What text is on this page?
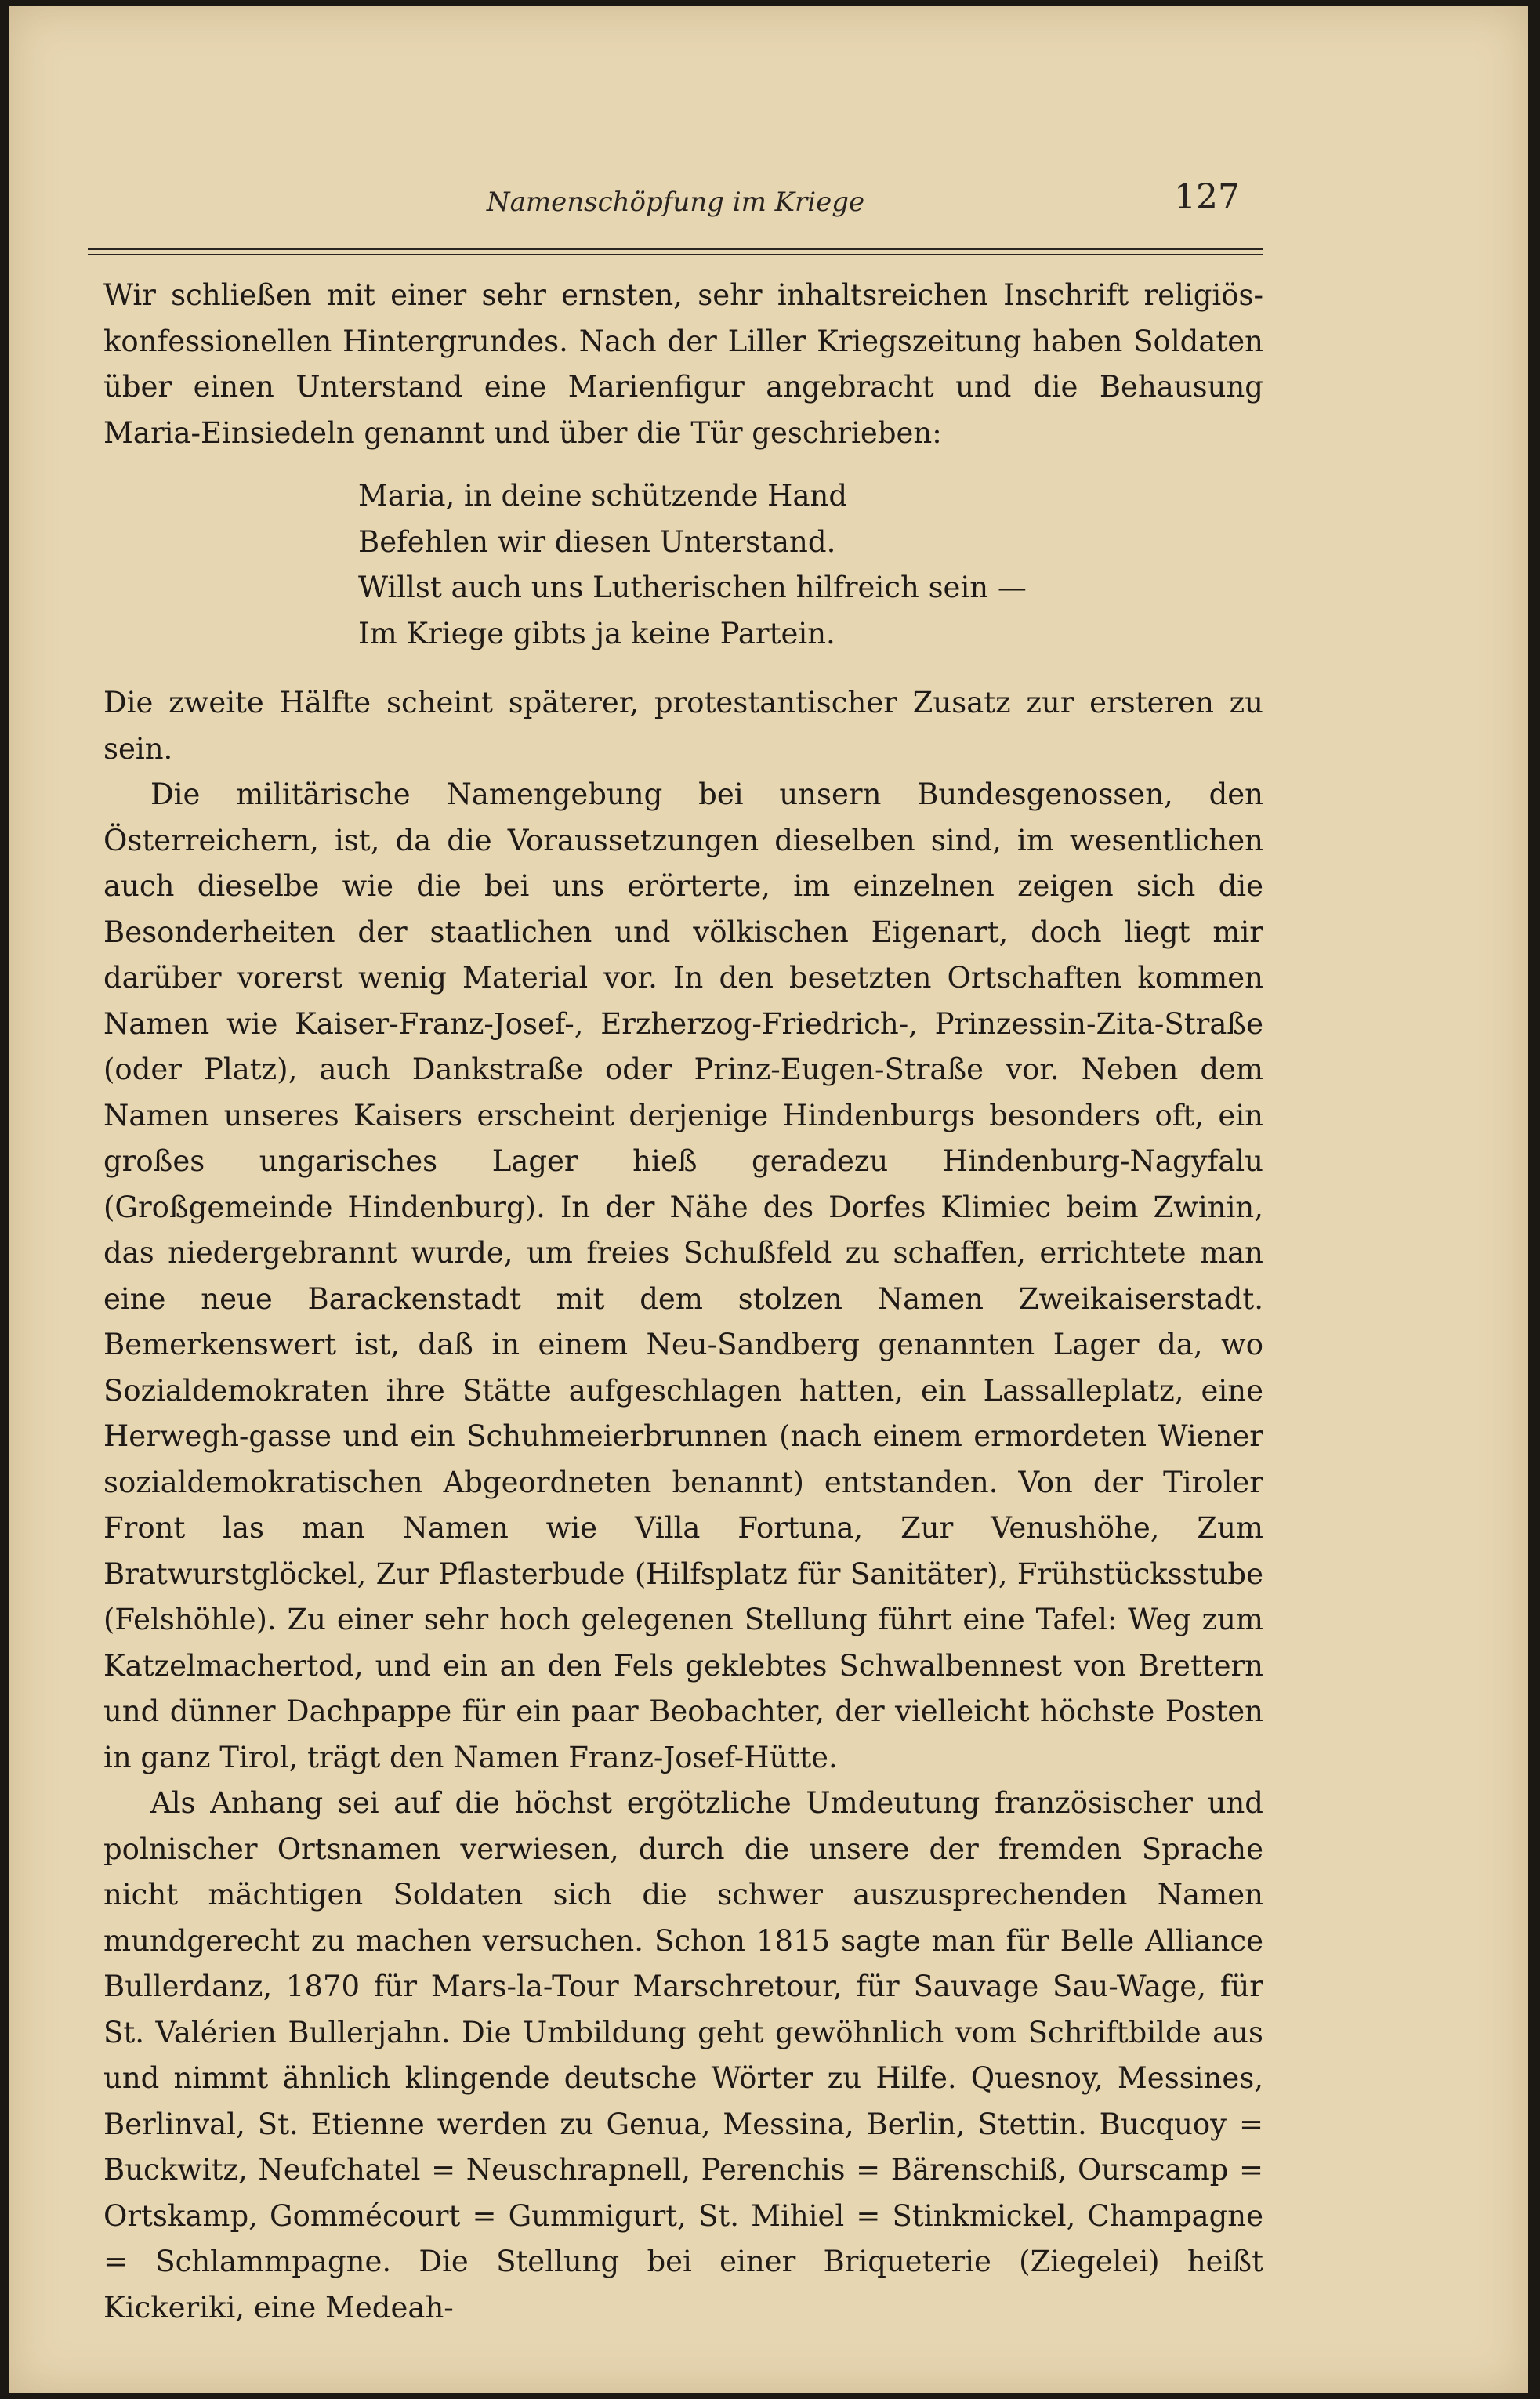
Namenschöpfung im Kriege	127

Wir schließen mit einer sehr ernsten, sehr inhaltsreichen Inschrift religiös-konfessionellen Hintergrundes. Nach der Liller Kriegszeitung haben Soldaten über einen Unterstand eine Marienfigur angebracht und die Behausung Maria-Einsiedeln genannt und über die Tür geschrieben:

Maria, in deine schützende Hand
Befehlen wir diesen Unterstand.
Willst auch uns Lutherischen hilfreich sein —
Im Kriege gibts ja keine Partein.

Die zweite Hälfte scheint späterer, protestantischer Zusatz zur ersteren zu sein.

Die militärische Namengebung bei unsern Bundesgenossen, den Österreichern, ist, da die Voraussetzungen dieselben sind, im wesentlichen auch dieselbe wie die bei uns erörterte, im einzelnen zeigen sich die Besonderheiten der staatlichen und völkischen Eigenart, doch liegt mir darüber vorerst wenig Material vor. In den besetzten Ortschaften kommen Namen wie Kaiser-Franz-Josef-, Erzherzog-Friedrich-, Prinzessin-Zita-Straße (oder Platz), auch Dankstraße oder Prinz-Eugen-Straße vor. Neben dem Namen unseres Kaisers erscheint derjenige Hindenburgs besonders oft, ein großes ungarisches Lager hieß geradezu Hindenburg-Nagyfalu (Großgemeinde Hindenburg). In der Nähe des Dorfes Klimiec beim Zwinin, das niedergebrannt wurde, um freies Schußfeld zu schaffen, errichtete man eine neue Barackenstadt mit dem stolzen Namen Zweikaiserstadt. Bemerkenswert ist, daß in einem Neu-Sandberg genannten Lager da, wo Sozialdemokraten ihre Stätte aufgeschlagen hatten, ein Lassalleplatz, eine Herwegh-gasse und ein Schuhmeierbrunnen (nach einem ermordeten Wiener sozialdemokratischen Abgeordneten benannt) entstanden. Von der Tiroler Front las man Namen wie Villa Fortuna, Zur Venushöhe, Zum Bratwurstglöckel, Zur Pflasterbude (Hilfsplatz für Sanitäter), Frühstücksstube (Felshöhle). Zu einer sehr hoch gelegenen Stellung führt eine Tafel: Weg zum Katzelmachertod, und ein an den Fels geklebtes Schwalbennest von Brettern und dünner Dachpappe für ein paar Beobachter, der vielleicht höchste Posten in ganz Tirol, trägt den Namen Franz-Josef-Hütte.

Als Anhang sei auf die höchst ergötzliche Umdeutung französischer und polnischer Ortsnamen verwiesen, durch die unsere der fremden Sprache nicht mächtigen Soldaten sich die schwer auszusprechenden Namen mundgerecht zu machen versuchen. Schon 1815 sagte man für Belle Alliance Bullerdanz, 1870 für Mars-la-Tour Marschretour, für Sauvage Sau-Wage, für St. Valérien Bullerjahn. Die Umbildung geht gewöhnlich vom Schriftbilde aus und nimmt ähnlich klingende deutsche Wörter zu Hilfe. Quesnoy, Messines, Berlinval, St. Etienne werden zu Genua, Messina, Berlin, Stettin. Bucquoy = Buckwitz, Neufchatel = Neuschrapnell, Perenchis = Bärenschiß, Ourscamp = Ortskamp, Gommécourt = Gummigurt, St. Mihiel = Stinkmickel, Champagne = Schlammpagne. Die Stellung bei einer Briqueterie (Ziegelei) heißt Kickeriki, eine Medeah-
